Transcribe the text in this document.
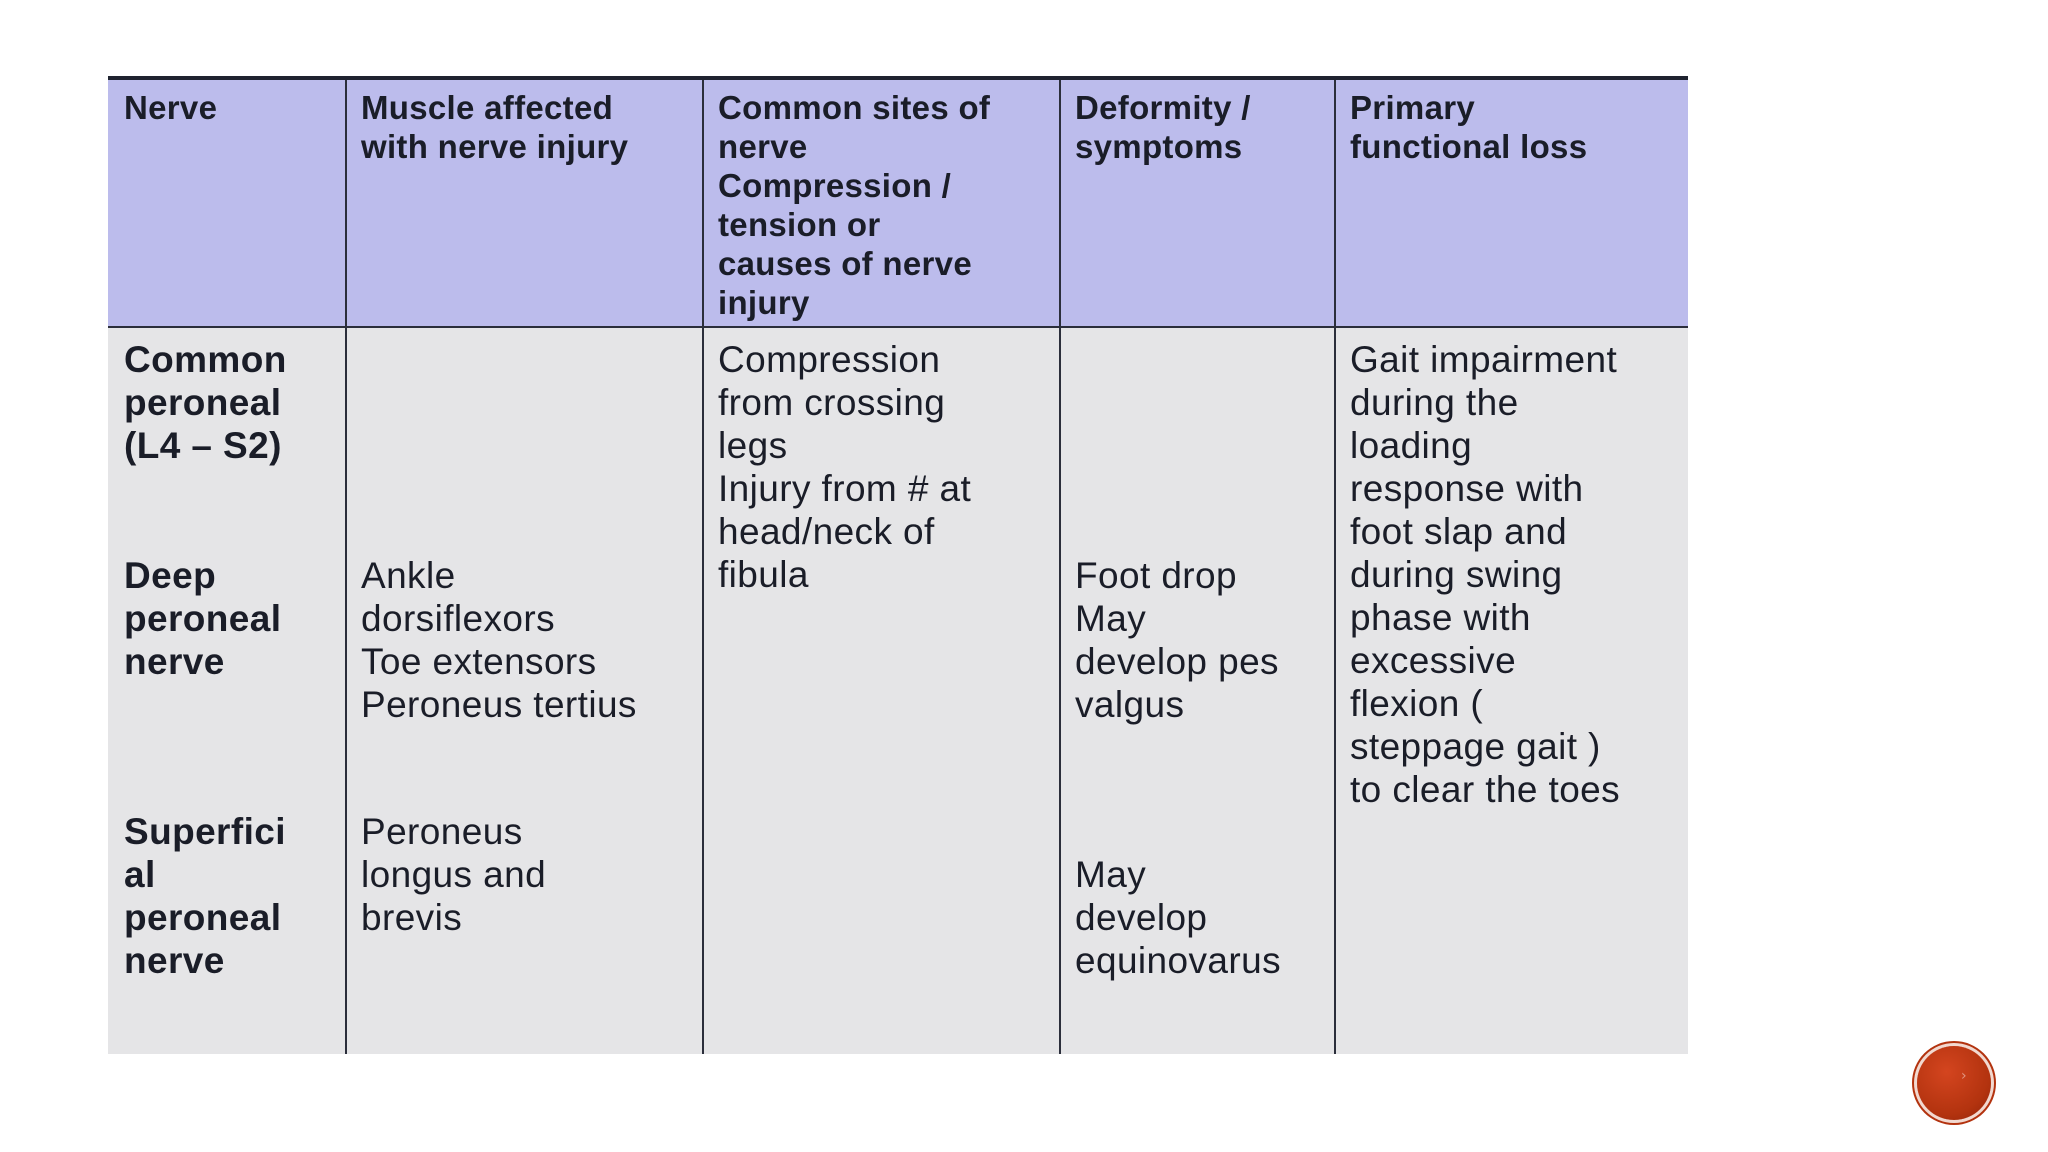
Nerve
Common
peroneal
(L4 – S2)
Deep
peroneal
nerve
Superfici
al
peroneal
nerve
Muscle affected
with nerve injury
Ankle
dorsiflexors
Toe extensors
Peroneus tertius
Peroneus
longus and
brevis
Common sites of
nerve
Compression /
tension or
causes of nerve
injury
Compression
from crossing
legs
Injury from # at
head/neck of
fibula
Deformity /
symptoms
Foot drop
May
develop pes
valgus
May
develop
equinovarus
Primary
functional loss
Gait impairment
during the
loading
response with
foot slap and
during swing
phase with
excessive
flexion (
steppage gait )
to clear the toes
›
